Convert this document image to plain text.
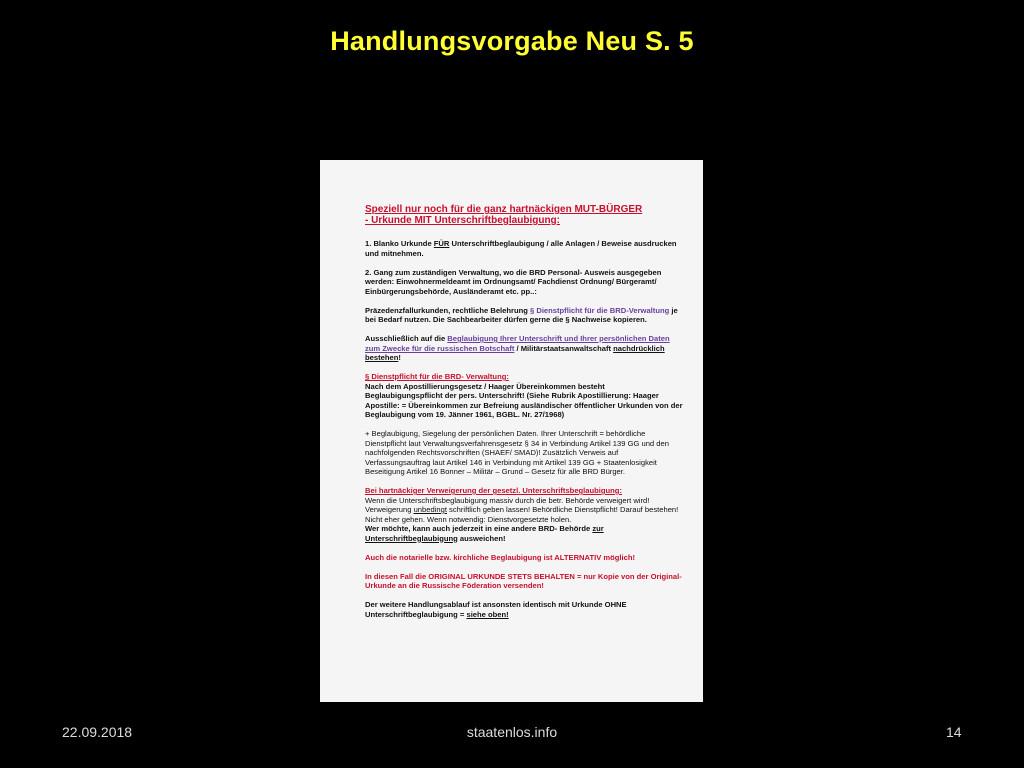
Handlungsvorgabe Neu S. 5

Speziell nur noch für die ganz hartnäckigen MUT-BÜRGER
- Urkunde MIT Unterschriftbeglaubigung:

1. Blanko Urkunde FÜR Unterschriftbeglaubigung / alle Anlagen / Beweise ausdrucken und mitnehmen.

2. Gang zum zuständigen Verwaltung, wo die BRD Personal- Ausweis ausgegeben werden: Einwohnermeldeamt im Ordnungsamt/ Fachdienst Ordnung/ Bürgeramt/ Einbürgerungsbehörde, Ausländeramt etc. pp..:

Präzedenzfallurkunden, rechtliche Belehrung § Dienstpflicht für die BRD-Verwaltung je bei Bedarf nutzen. Die Sachbearbeiter dürfen gerne die § Nachweise kopieren.

Ausschließlich auf die Beglaubigung Ihrer Unterschrift und Ihrer persönlichen Daten zum Zwecke für die russischen Botschaft / Militärstaatsanwaltschaft nachdrücklich bestehen!

§ Dienstpflicht für die BRD- Verwaltung:
Nach dem Apostillierungsgesetz / Haager Übereinkommen besteht Beglaubigungspflicht der pers. Unterschrift! (Siehe Rubrik Apostillierung: Haager Apostille: = Übereinkommen zur Befreiung ausländischer öffentlicher Urkunden von der Beglaubigung vom 19. Jänner 1961, BGBL. Nr. 27/1968)

+ Beglaubigung, Siegelung der persönlichen Daten. Ihrer Unterschrift = behördliche Dienstpflicht laut Verwaltungsverfahrensgesetz § 34 in Verbindung Artikel 139 GG und den nachfolgenden Rechtsvorschriften (SHAEF/ SMAD)! Zusätzlich Verweis auf Verfassungsauftrag laut Artikel 146 in Verbindung mit Artikel 139 GG + Staatenlosigkeit Beseitigung Artikel 16 Bonner – Militär – Grund – Gesetz für alle BRD Bürger.

Bei hartnäckiger Verweigerung der gesetzl. Unterschriftsbeglaubigung:
Wenn die Unterschriftsbeglaubigung massiv durch die betr. Behörde verweigert wird! Verweigerung unbedingt schriftlich geben lassen! Behördliche Dienstpflicht! Darauf bestehen! Nicht eher gehen. Wenn notwendig: Dienstvorgesetzte holen.
Wer möchte, kann auch jederzeit in eine andere BRD- Behörde zur Unterschriftbeglaubigung ausweichen!

Auch die notarielle bzw. kirchliche Beglaubigung ist ALTERNATIV möglich!

In diesen Fall die ORIGINAL URKUNDE STETS BEHALTEN = nur Kopie von der Original- Urkunde an die Russische Föderation versenden!

Der weitere Handlungsablauf ist ansonsten identisch mit Urkunde OHNE Unterschriftbeglaubigung = siehe oben!

22.09.2018	staatenlos.info	14
